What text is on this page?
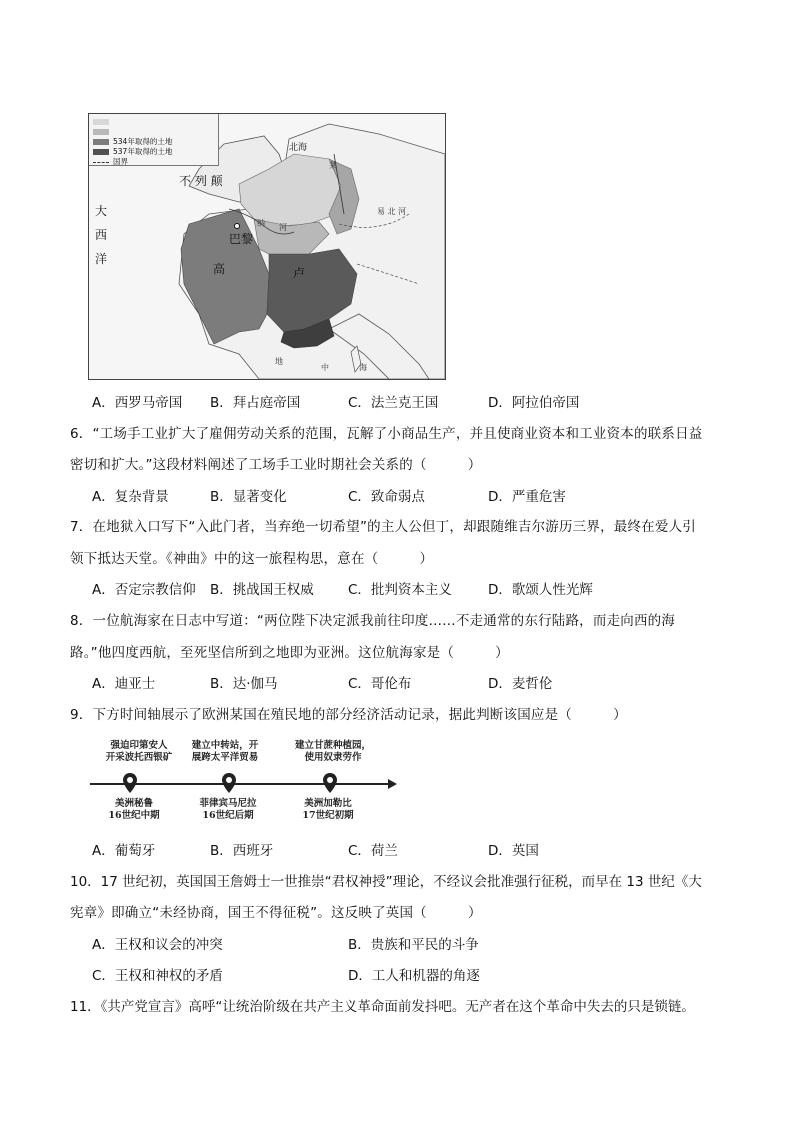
534年取得的土地
537年取得的土地
国界
北海
不 列 颠
大
西
洋
巴黎
高	卢
地
中	海
莱
纳 河
易 北 河
A．西罗马帝国 B．拜占庭帝国	C．法兰克王国	D．阿拉伯帝国
6．“工场手工业扩大了雇佣劳动关系的范围，瓦解了小商品生产，并且使商业资本和工业资本的联系日益
密切和扩大。”这段材料阐述了工场手工业时期社会关系的（　　　）
A．复杂背景	B．显著变化	C．致命弱点	D．严重危害
7．在地狱入口写下“入此门者，当弃绝一切希望”的主人公但丁，却跟随维吉尔游历三界，最终在爱人引
领下抵达天堂。《神曲》中的这一旅程构思，意在（　　　）
A．否定宗教信仰 B．挑战国王权威	C．批判资本主义	D．歌颂人性光辉
8．一位航海家在日志中写道：“两位陛下决定派我前往印度……不走通常的东行陆路，而走向西的海
路。”他四度西航，至死坚信所到之地即为亚洲。这位航海家是（　　　）
A．迪亚士	B．达·伽马	C．哥伦布	D．麦哲伦
9．下方时间轴展示了欧洲某国在殖民地的部分经济活动记录，据此判断该国应是（　　　）
强迫印第安人
开采波托西银矿
建立中转站，开
展跨太平洋贸易
建立甘蔗种植园，
使用奴隶劳作
美洲秘鲁
16世纪中期
菲律宾马尼拉
16世纪后期
美洲加勒比
17世纪初期
A．葡萄牙	B．西班牙	C．荷兰	D．英国
10．17 世纪初，英国国王詹姆士一世推崇“君权神授”理论，不经议会批准强行征税，而早在 13 世纪《大
宪章》即确立“未经协商，国王不得征税”。这反映了英国（　　　）
A．王权和议会的冲突	B．贵族和平民的斗争
C．王权和神权的矛盾	D．工人和机器的角逐
11．《共产党宣言》高呼“让统治阶级在共产主义革命面前发抖吧。无产者在这个革命中失去的只是锁链。
